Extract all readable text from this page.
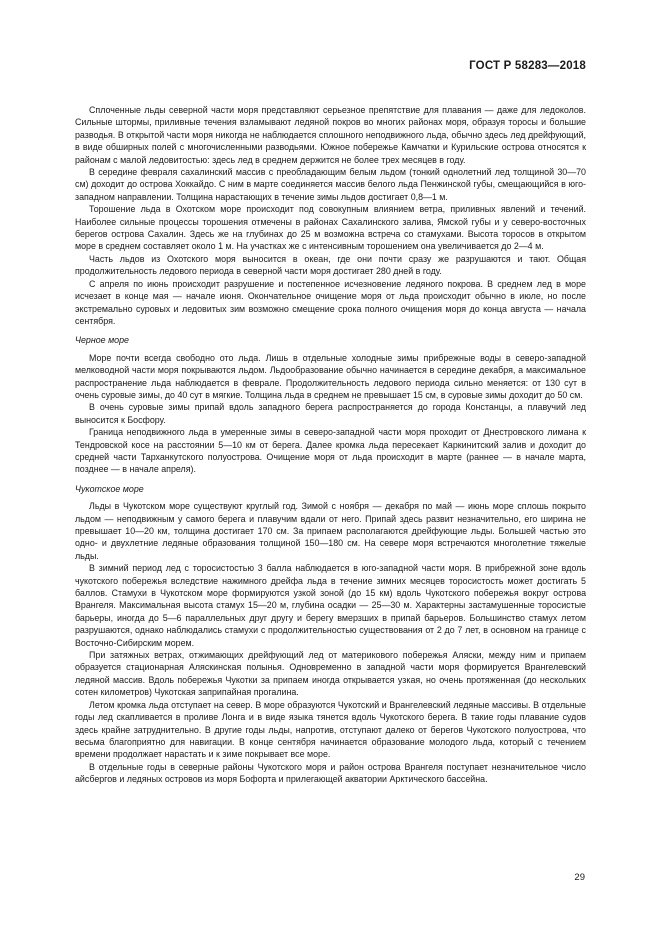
ГОСТ Р 58283—2018

Сплоченные льды северной части моря представляют серьезное препятствие для плавания — даже для ледоколов. Сильные штормы, приливные течения взламывают ледяной покров во многих районах моря, образуя торосы и большие разводья. В открытой части моря никогда не наблюдается сплошного неподвижного льда, обычно здесь лед дрейфующий, в виде обширных полей с многочисленными разводьями. Южное побережье Камчатки и Курильские острова относятся к районам с малой ледовитостью: здесь лед в среднем держится не более трех месяцев в году.

В середине февраля сахалинский массив с преобладающим белым льдом (тонкий однолетний лед толщиной 30—70 см) доходит до острова Хоккайдо. С ним в марте соединяется массив белого льда Пенжинской губы, смещающийся в юго-западном направлении. Толщина нарастающих в течение зимы льдов достигает 0,8—1 м.

Торошение льда в Охотском море происходит под совокупным влиянием ветра, приливных явлений и течений. Наиболее сильные процессы торошения отмечены в районах Сахалинского залива, Ямской губы и у северо-восточных берегов острова Сахалин. Здесь же на глубинах до 25 м возможна встреча со стамухами. Высота торосов в открытом море в среднем составляет около 1 м. На участках же с интенсивным торошением она увеличивается до 2—4 м.

Часть льдов из Охотского моря выносится в океан, где они почти сразу же разрушаются и тают. Общая продолжительность ледового периода в северной части моря достигает 280 дней в году.

С апреля по июнь происходит разрушение и постепенное исчезновение ледяного покрова. В среднем лед в море исчезает в конце мая — начале июня. Окончательное очищение моря от льда происходит обычно в июле, но после экстремально суровых и ледовитых зим возможно смещение срока полного очищения моря до конца августа — начала сентября.

Черное море

Море почти всегда свободно ото льда. Лишь в отдельные холодные зимы прибрежные воды в северо-западной мелководной части моря покрываются льдом. Льдообразование обычно начинается в середине декабря, а максимальное распространение льда наблюдается в феврале. Продолжительность ледового периода сильно меняется: от 130 сут в очень суровые зимы, до 40 сут в мягкие. Толщина льда в среднем не превышает 15 см, в суровые зимы доходит до 50 см.

В очень суровые зимы припай вдоль западного берега распространяется до города Констанцы, а плавучий лед выносится к Босфору.

Граница неподвижного льда в умеренные зимы в северо-западной части моря проходит от Днестровского лимана к Тендровской косе на расстоянии 5—10 км от берега. Далее кромка льда пересекает Каркинитский залив и доходит до средней части Тарханкутского полуострова. Очищение моря от льда происходит в марте (раннее — в начале марта, позднее — в начале апреля).

Чукотское море

Льды в Чукотском море существуют круглый год. Зимой с ноября — декабря по май — июнь море сплошь покрыто льдом — неподвижным у самого берега и плавучим вдали от него. Припай здесь развит незначительно, его ширина не превышает 10—20 км, толщина достигает 170 см. За припаем располагаются дрейфующие льды. Большей частью это одно- и двухлетние ледяные образования толщиной 150—180 см. На севере моря встречаются многолетние тяжелые льды.

В зимний период лед с торосистостью 3 балла наблюдается в юго-западной части моря. В прибрежной зоне вдоль чукотского побережья вследствие нажимного дрейфа льда в течение зимних месяцев торосистость может достигать 5 баллов. Стамухи в Чукотском море формируются узкой зоной (до 15 км) вдоль Чукотского побережья вокруг острова Врангеля. Максимальная высота стамух 15—20 м, глубина осадки — 25—30 м. Характерны застамушенные торосистые барьеры, иногда до 5—6 параллельных друг другу и берегу вмерзших в припай барьеров. Большинство стамух летом разрушаются, однако наблюдались стамухи с продолжительностью существования от 2 до 7 лет, в основном на границе с Восточно-Сибирским морем.

При затяжных ветрах, отжимающих дрейфующий лед от материкового побережья Аляски, между ним и припаем образуется стационарная Аляскинская полынья. Одновременно в западной части моря формируется Врангелевский ледяной массив. Вдоль побережья Чукотки за припаем иногда открывается узкая, но очень протяженная (до нескольких сотен километров) Чукотская заприпайная прогалина.

Летом кромка льда отступает на север. В море образуются Чукотский и Врангелевский ледяные массивы. В отдельные годы лед скапливается в проливе Лонга и в виде языка тянется вдоль Чукотского берега. В такие годы плавание судов здесь крайне затруднительно. В другие годы льды, напротив, отступают далеко от берегов Чукотского полуострова, что весьма благоприятно для навигации. В конце сентября начинается образование молодого льда, который с течением времени продолжает нарастать и к зиме покрывает все море.

В отдельные годы в северные районы Чукотского моря и район острова Врангеля поступает незначительное число айсбергов и ледяных островов из моря Бофорта и прилегающей акватории Арктического бассейна.

29
